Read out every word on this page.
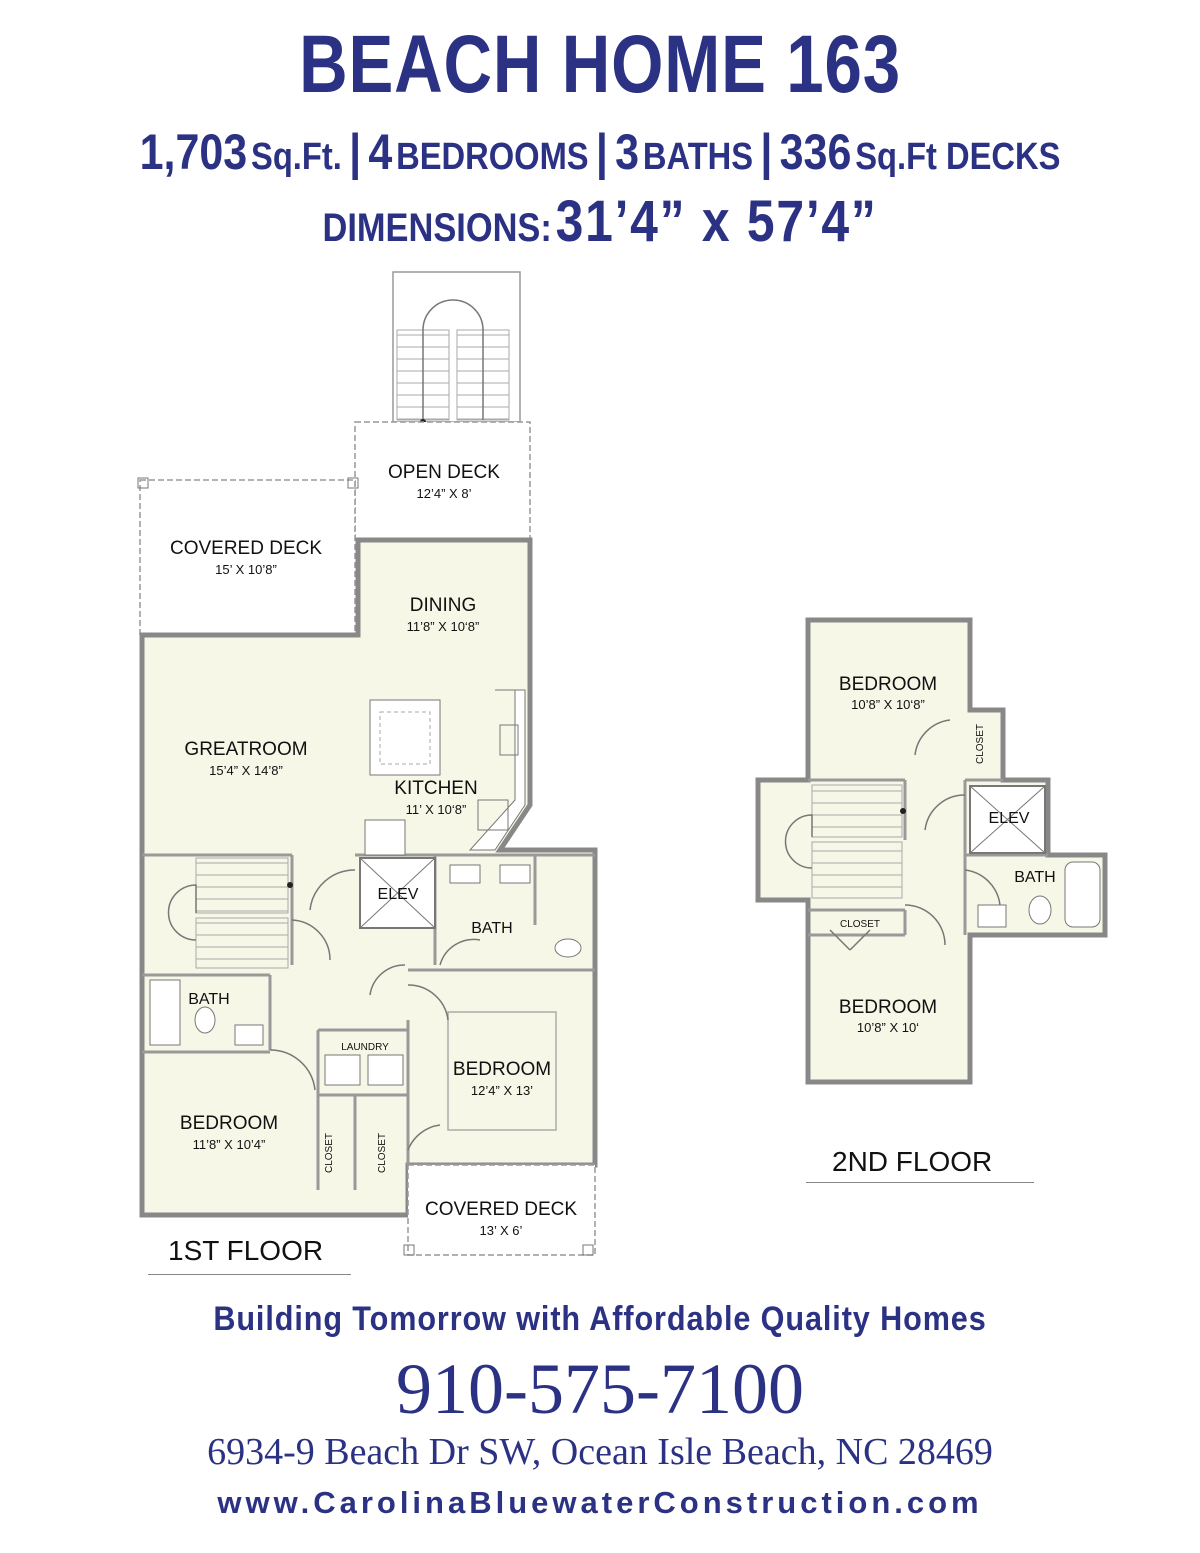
BEACH HOME 163
1,703 Sq.Ft. | 4 BEDROOMS | 3 BATHS | 336 Sq.Ft DECKS
DIMENSIONS: 31’4” x 57’4”
OPEN DECK
12’4” X 8’
COVERED DECK
15’ X 10’8”
DINING
11’8” X 10‘8”
GREATROOM
15’4” X 14’8”
KITCHEN
11’ X 10‘8”
ELEV
BATH
BATH
LAUNDRY
BEDROOM
12’4” X 13’
BEDROOM
11’8” X 10’4”	CLOSET	CLOSET
COVERED DECK
13’ X 6’
BEDROOM
10’8” X 10‘8”
CLOSET
ELEV
BATH
CLOSET
BEDROOM
10’8” X 10‘
1ST FLOOR
2ND FLOOR
Building Tomorrow with Affordable Quality Homes
910-575-7100
6934-9 Beach Dr SW, Ocean Isle Beach, NC 28469
www.CarolinaBluewaterConstruction.com
